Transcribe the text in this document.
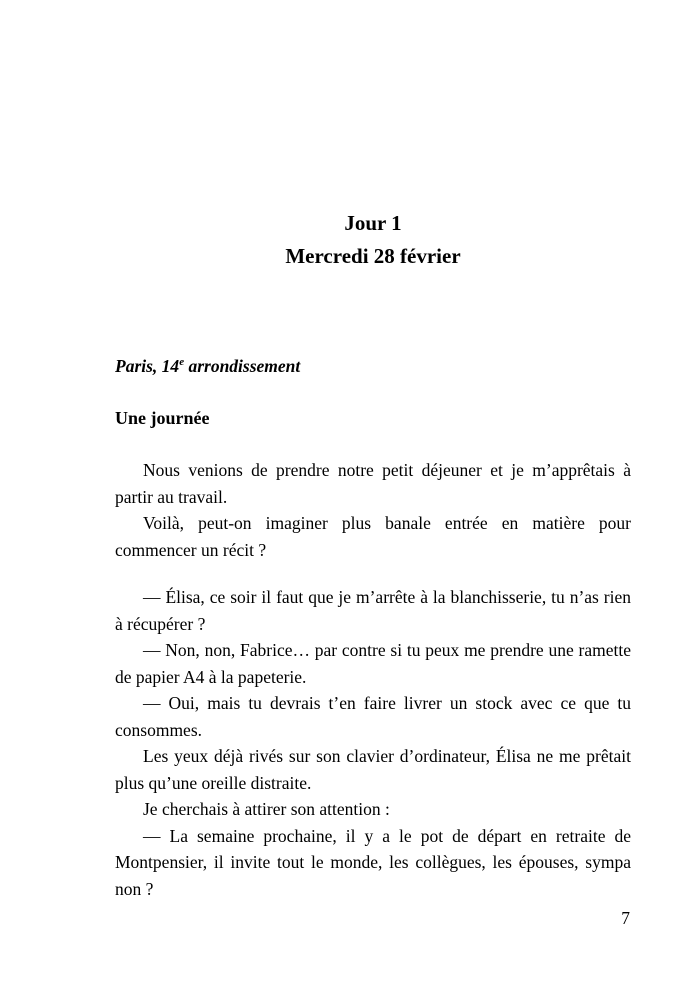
Jour 1
Mercredi 28 février
Paris, 14e arrondissement
Une journée

Nous venions de prendre notre petit déjeuner et je m’apprêtais à partir au travail.

Voilà, peut-on imaginer plus banale entrée en matière pour commencer un récit ?

— Élisa, ce soir il faut que je m’arrête à la blanchisserie, tu n’as rien à récupérer ?

— Non, non, Fabrice… par contre si tu peux me prendre une ramette de papier A4 à la papeterie.

— Oui, mais tu devrais t’en faire livrer un stock avec ce que tu consommes.

Les yeux déjà rivés sur son clavier d’ordinateur, Élisa ne me prêtait plus qu’une oreille distraite.

Je cherchais à attirer son attention :

— La semaine prochaine, il y a le pot de départ en retraite de Montpensier, il invite tout le monde, les collègues, les épouses, sympa non ?

7
